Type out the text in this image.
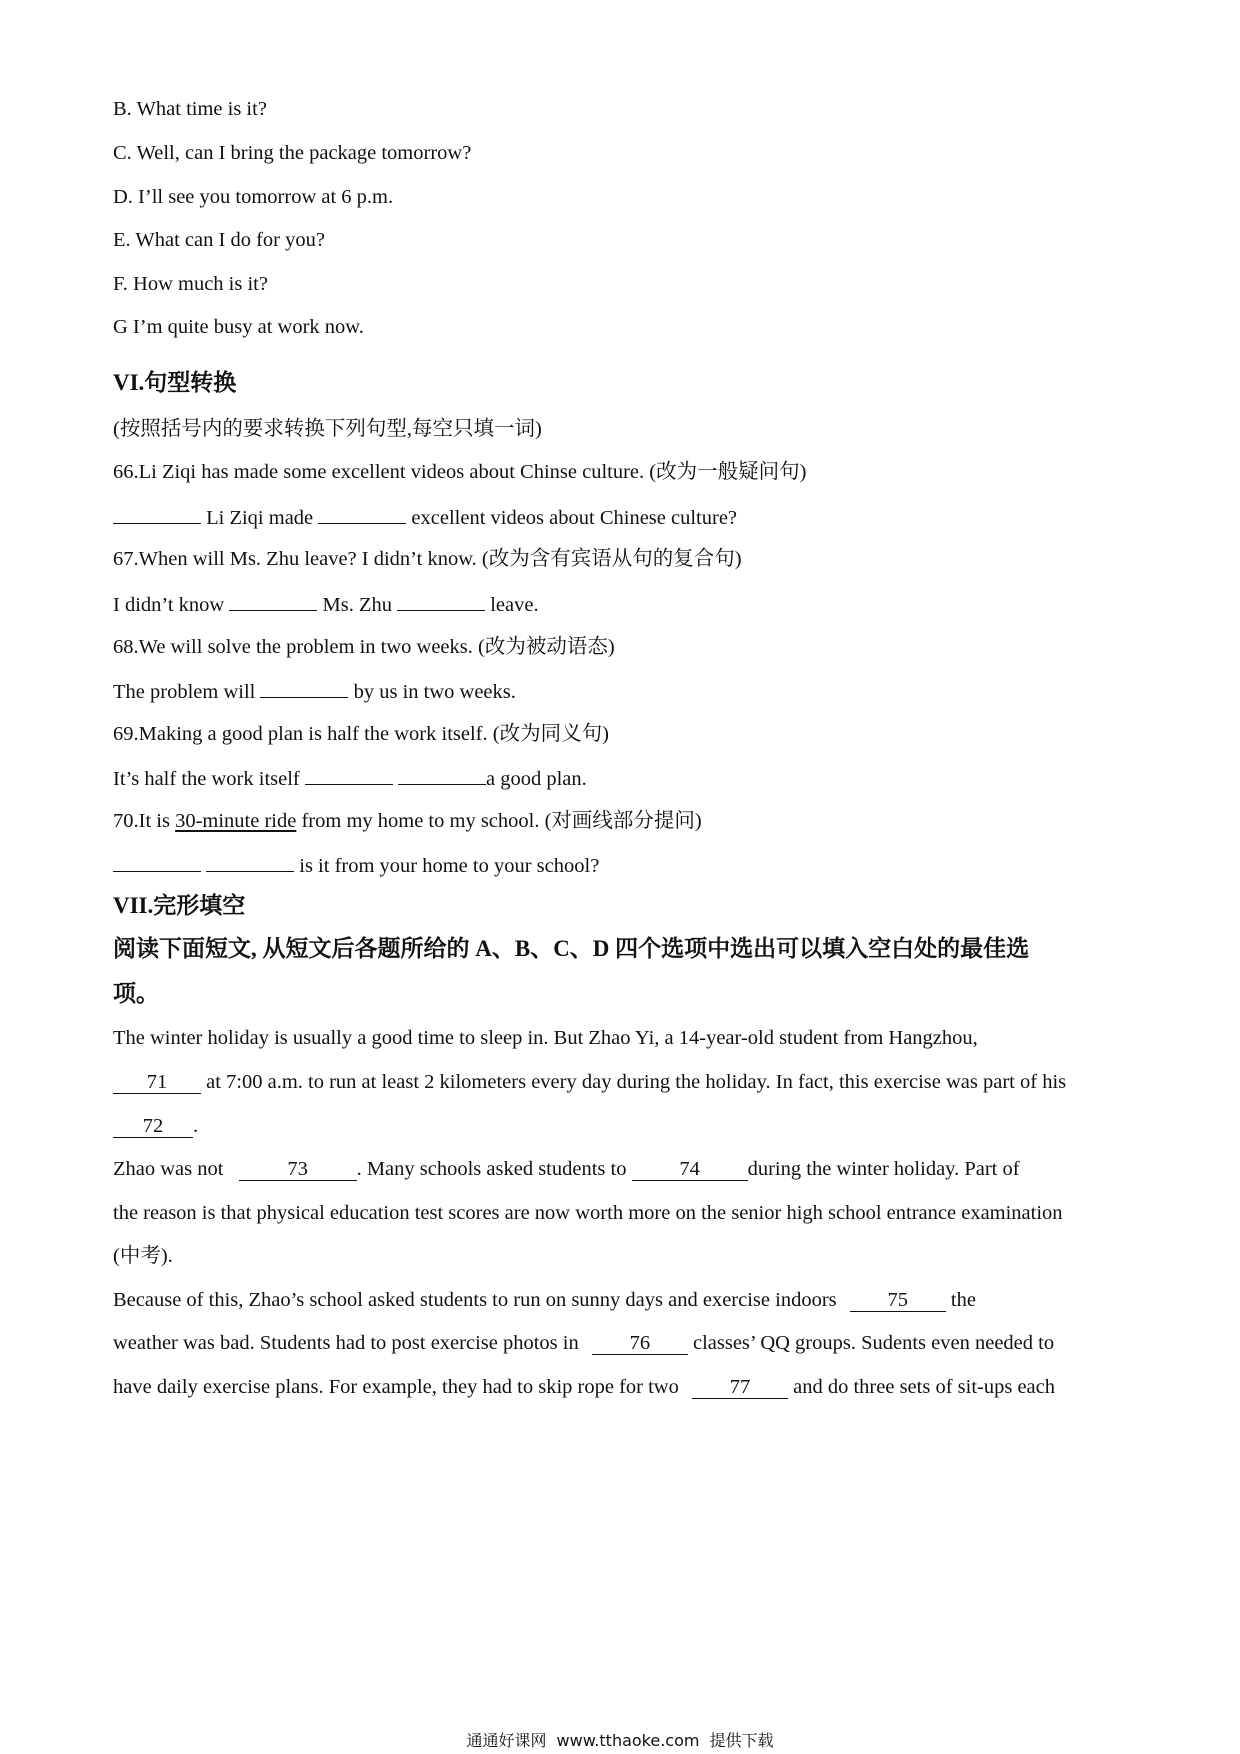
B. What time is it?
C. Well, can I bring the package tomorrow?
D. I’ll see you tomorrow at 6 p.m.
E. What can I do for you?
F. How much is it?
G I’m quite busy at work now.
VI.句型转换
(按照括号内的要求转换下列句型,每空只填一词)
66.Li Ziqi has made some excellent videos about Chinse culture. (改为一般疑问句)
Li Ziqi made	excellent videos about Chinese culture?
67.When will Ms. Zhu leave? I didn’t know. (改为含有宾语从句的复合句)
I didn’t know	Ms. Zhu	leave.
68.We will solve the problem in two weeks. (改为被动语态)
The problem will	by us in two weeks.
69.Making a good plan is half the work itself. (改为同义句)
It’s half the work itself	a good plan.
70.It is 30-minute ride from my home to my school. (对画线部分提问)
is it from your home to your school?
VII.完形填空
阅读下面短文, 从短文后各题所给的 A、B、C、D 四个选项中选出可以填入空白处的最佳选
项。
The winter holiday is usually a good time to sleep in. But Zhao Yi, a 14-year-old student from Hangzhou,
71 at 7:00 a.m. to run at least 2 kilometers every day during the holiday. In fact, this exercise was part of his
72 .
Zhao was not	73 . Many schools asked students to 74 during the winter holiday. Part of
the reason is that physical education test scores are now worth more on the senior high school entrance examination
(中考).
Because of this, Zhao’s school asked students to run on sunny days and exercise indoors 75 the
weather was bad. Students had to post exercise photos in 76 classes’ QQ groups. Sudents even needed to
have daily exercise plans. For example, they had to skip rope for two 77 and do three sets of sit-ups each
通通好课网 www.tthaoke.com 提供下载
